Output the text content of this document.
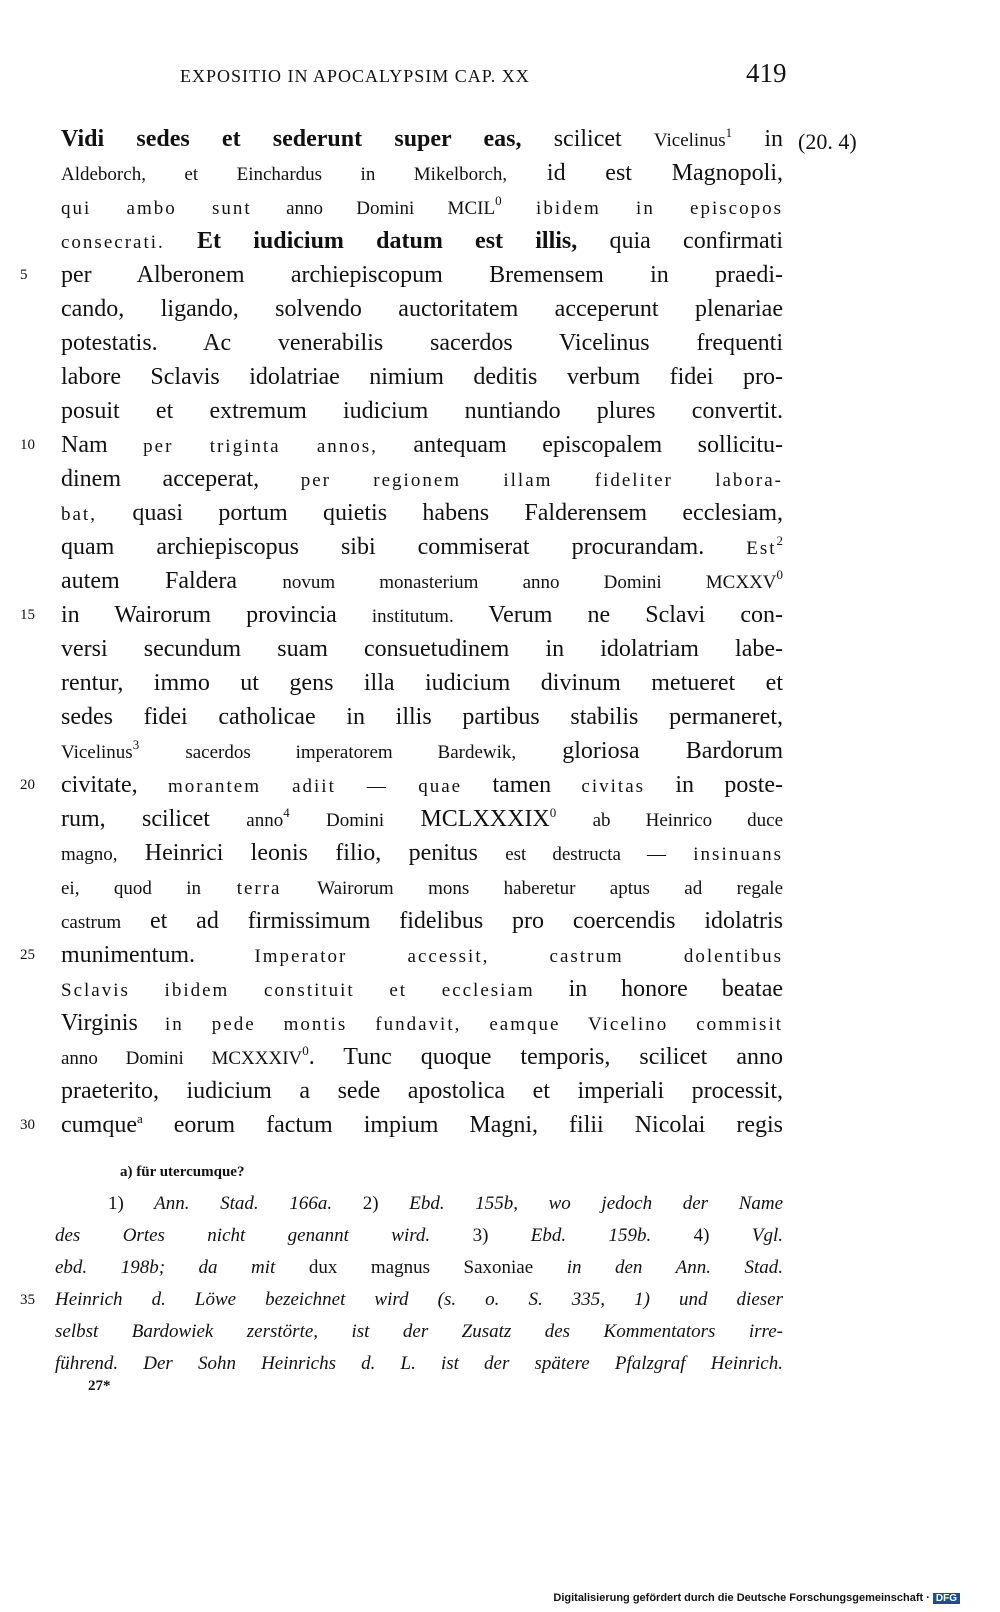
EXPOSITIO IN APOCALYPSIM CAP. XX	419
(20. 4)
Vidi sedes et sederunt super eas, scilicet Vicelinus$^1$ in
Aldeborch, et Einchardus in Mikelborch, id est Magnopoli,
qui ambo sunt anno Domini MCIL$^0$ ibidem in episcopos
consecrati. Et iudicium datum est illis, quia confirmati
per Alberonem archiepiscopum Bremensem in praedi-
cando, ligando, solvendo auctoritatem acceperunt plenariae
potestatis. Ac venerabilis sacerdos Vicelinus frequenti
labore Sclavis idolatriae nimium deditis verbum fidei pro-
posuit et extremum iudicium nuntiando plures convertit.
Nam per triginta annos, antequam episcopalem sollicitu-
dinem acceperat, per regionem illam fideliter labora-
bat, quasi portum quietis habens Falderensem ecclesiam,
quam archiepiscopus sibi commiserat procurandam. Est$^2$
autem Faldera novum monasterium anno Domini MCXXV$^0$
in Wairorum provincia institutum. Verum ne Sclavi con-
versi secundum suam consuetudinem in idolatriam labe-
rentur, immo ut gens illa iudicium divinum metueret et
sedes fidei catholicae in illis partibus stabilis permaneret,
Vicelinus$^3$ sacerdos imperatorem Bardewik, gloriosa Bardorum
civitate, morantem adiit — quae tamen civitas in poste-
rum, scilicet anno$^4$ Domini MCLXXXIX$^0$ ab Heinrico duce
magno, Heinrici leonis filio, penitus est destructa — insinuans
ei, quod in terra Wairorum mons haberetur aptus ad regale
castrum et ad firmissimum fidelibus pro coercendis idolatris
munimentum.	Imperator accessit, castrum dolentibus
Sclavis ibidem constituit et ecclesiam in honore beatae
Virginis in pede montis fundavit, eamque Vicelino commisit
anno Domini MCXXXIV$^0$. Tunc quoque temporis, scilicet anno
praeterito, iudicium a sede apostolica et imperiali processit,
cumque$^a$ eorum factum impium Magni, filii Nicolai regis
5
10
15
20
25
30
35
a) für utercumque?
1) Ann. Stad. 166a. 2) Ebd. 155b, wo jedoch der Name
des Ortes nicht genannt wird. 3) Ebd. 159b. 4) Vgl.
ebd. 198b; da mit dux magnus Saxoniae in den Ann. Stad.
Heinrich d. Löwe bezeichnet wird (s. o. S. 335, 1) und dieser
selbst Bardowiek zerstörte, ist der Zusatz des Kommentators irre-
führend. Der Sohn Heinrichs d. L. ist der spätere Pfalzgraf Heinrich.
27*
Digitalisierung gefördert durch die Deutsche Forschungsgemeinschaft · DFG
